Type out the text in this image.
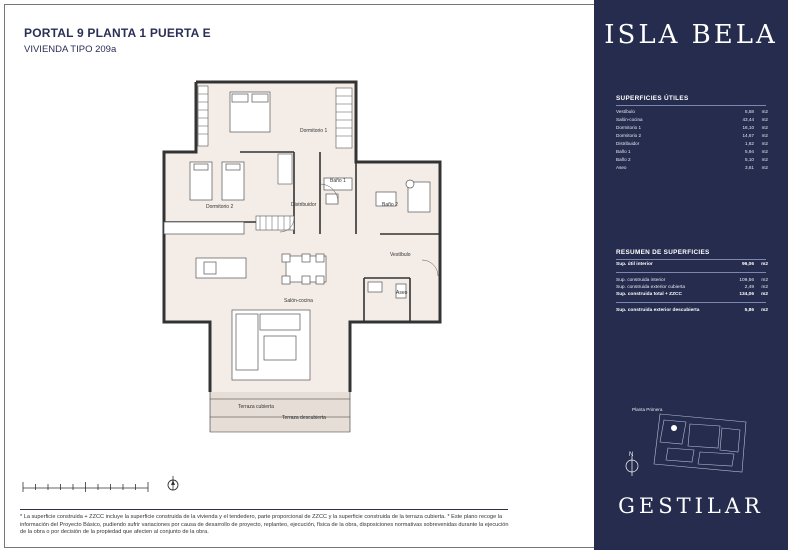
PORTAL 9 PLANTA 1 PUERTA E
VIVIENDA TIPO 209a
Dormitorio 1
Dormitorio 2
Baño 1
Baño 2
Distribuidor
Vestíbulo
Aseo
Salón-cocina
Terraza cubierta
Terraza descubierta
* La superficie construida + ZZCC incluye la superficie construida de la vivienda y el tendedero, parte proporcional de ZZCC y la superficie construida de la terraza cubierta. * Este plano recoge la información del Proyecto Básico, pudiendo sufrir variaciones por causa de desarrollo de proyecto, replanteo, ejecución, física de la obra, disposiciones normativas sobrevenidas durante la ejecución de la obra o por decisión de la propiedad que afecten al conjunto de la obra.
ISLA BELA
SUPERFICIES ÚTILES
Vestíbulo	5,58	m2
Salón-cocina	43,44	m2
Dormitorio 1	16,10	m2
Dormitorio 2	14,67	m2
Distribuidor	1,62	m2
Baño 1	5,94	m2
Baño 2	5,10	m2
Aseo	3,61	m2
RESUMEN DE SUPERFICIES
Sup. útil interior	96,06	m2
Sup. construida interior	109,56	m2
Sup. construida exterior cubierta	2,49	m2
Sup. construida total + ZZCC	134,06	m2
Sup. construida exterior descubierta	5,86	m2
Planta Primera
N
GESTILAR
